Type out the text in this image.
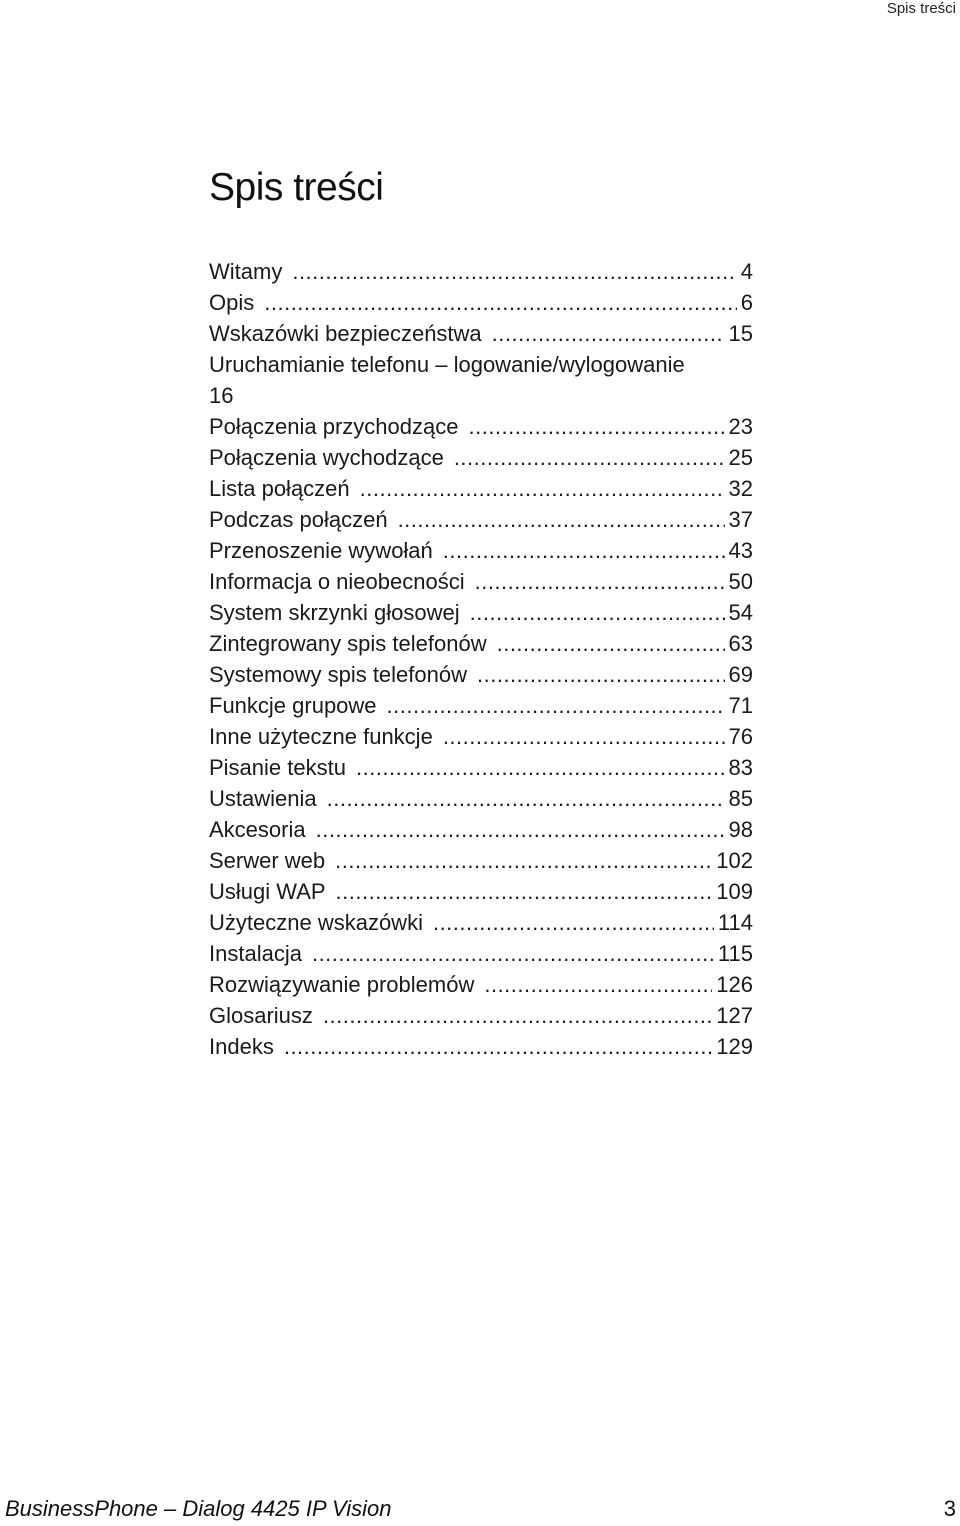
Spis treści
Spis treści
Witamy .....	4
Opis .....	6
Wskazówki bezpieczeństwa .....	15
Uruchamianie telefonu – logowanie/wylogowanie
16
Połączenia przychodzące .....	23
Połączenia wychodzące .....	25
Lista połączeń .....	32
Podczas połączeń .....	37
Przenoszenie wywołań .....	43
Informacja o nieobecności .....	50
System skrzynki głosowej .....	54
Zintegrowany spis telefonów .....	63
Systemowy spis telefonów .....	69
Funkcje grupowe .....	71
Inne użyteczne funkcje .....	76
Pisanie tekstu .....	83
Ustawienia .....	85
Akcesoria .....	98
Serwer web .....	102
Usługi WAP .....	109
Użyteczne wskazówki .....	114
Instalacja .....	115
Rozwiązywanie problemów .....	126
Glosariusz .....	127
Indeks .....	129
BusinessPhone – Dialog 4425 IP Vision	3
